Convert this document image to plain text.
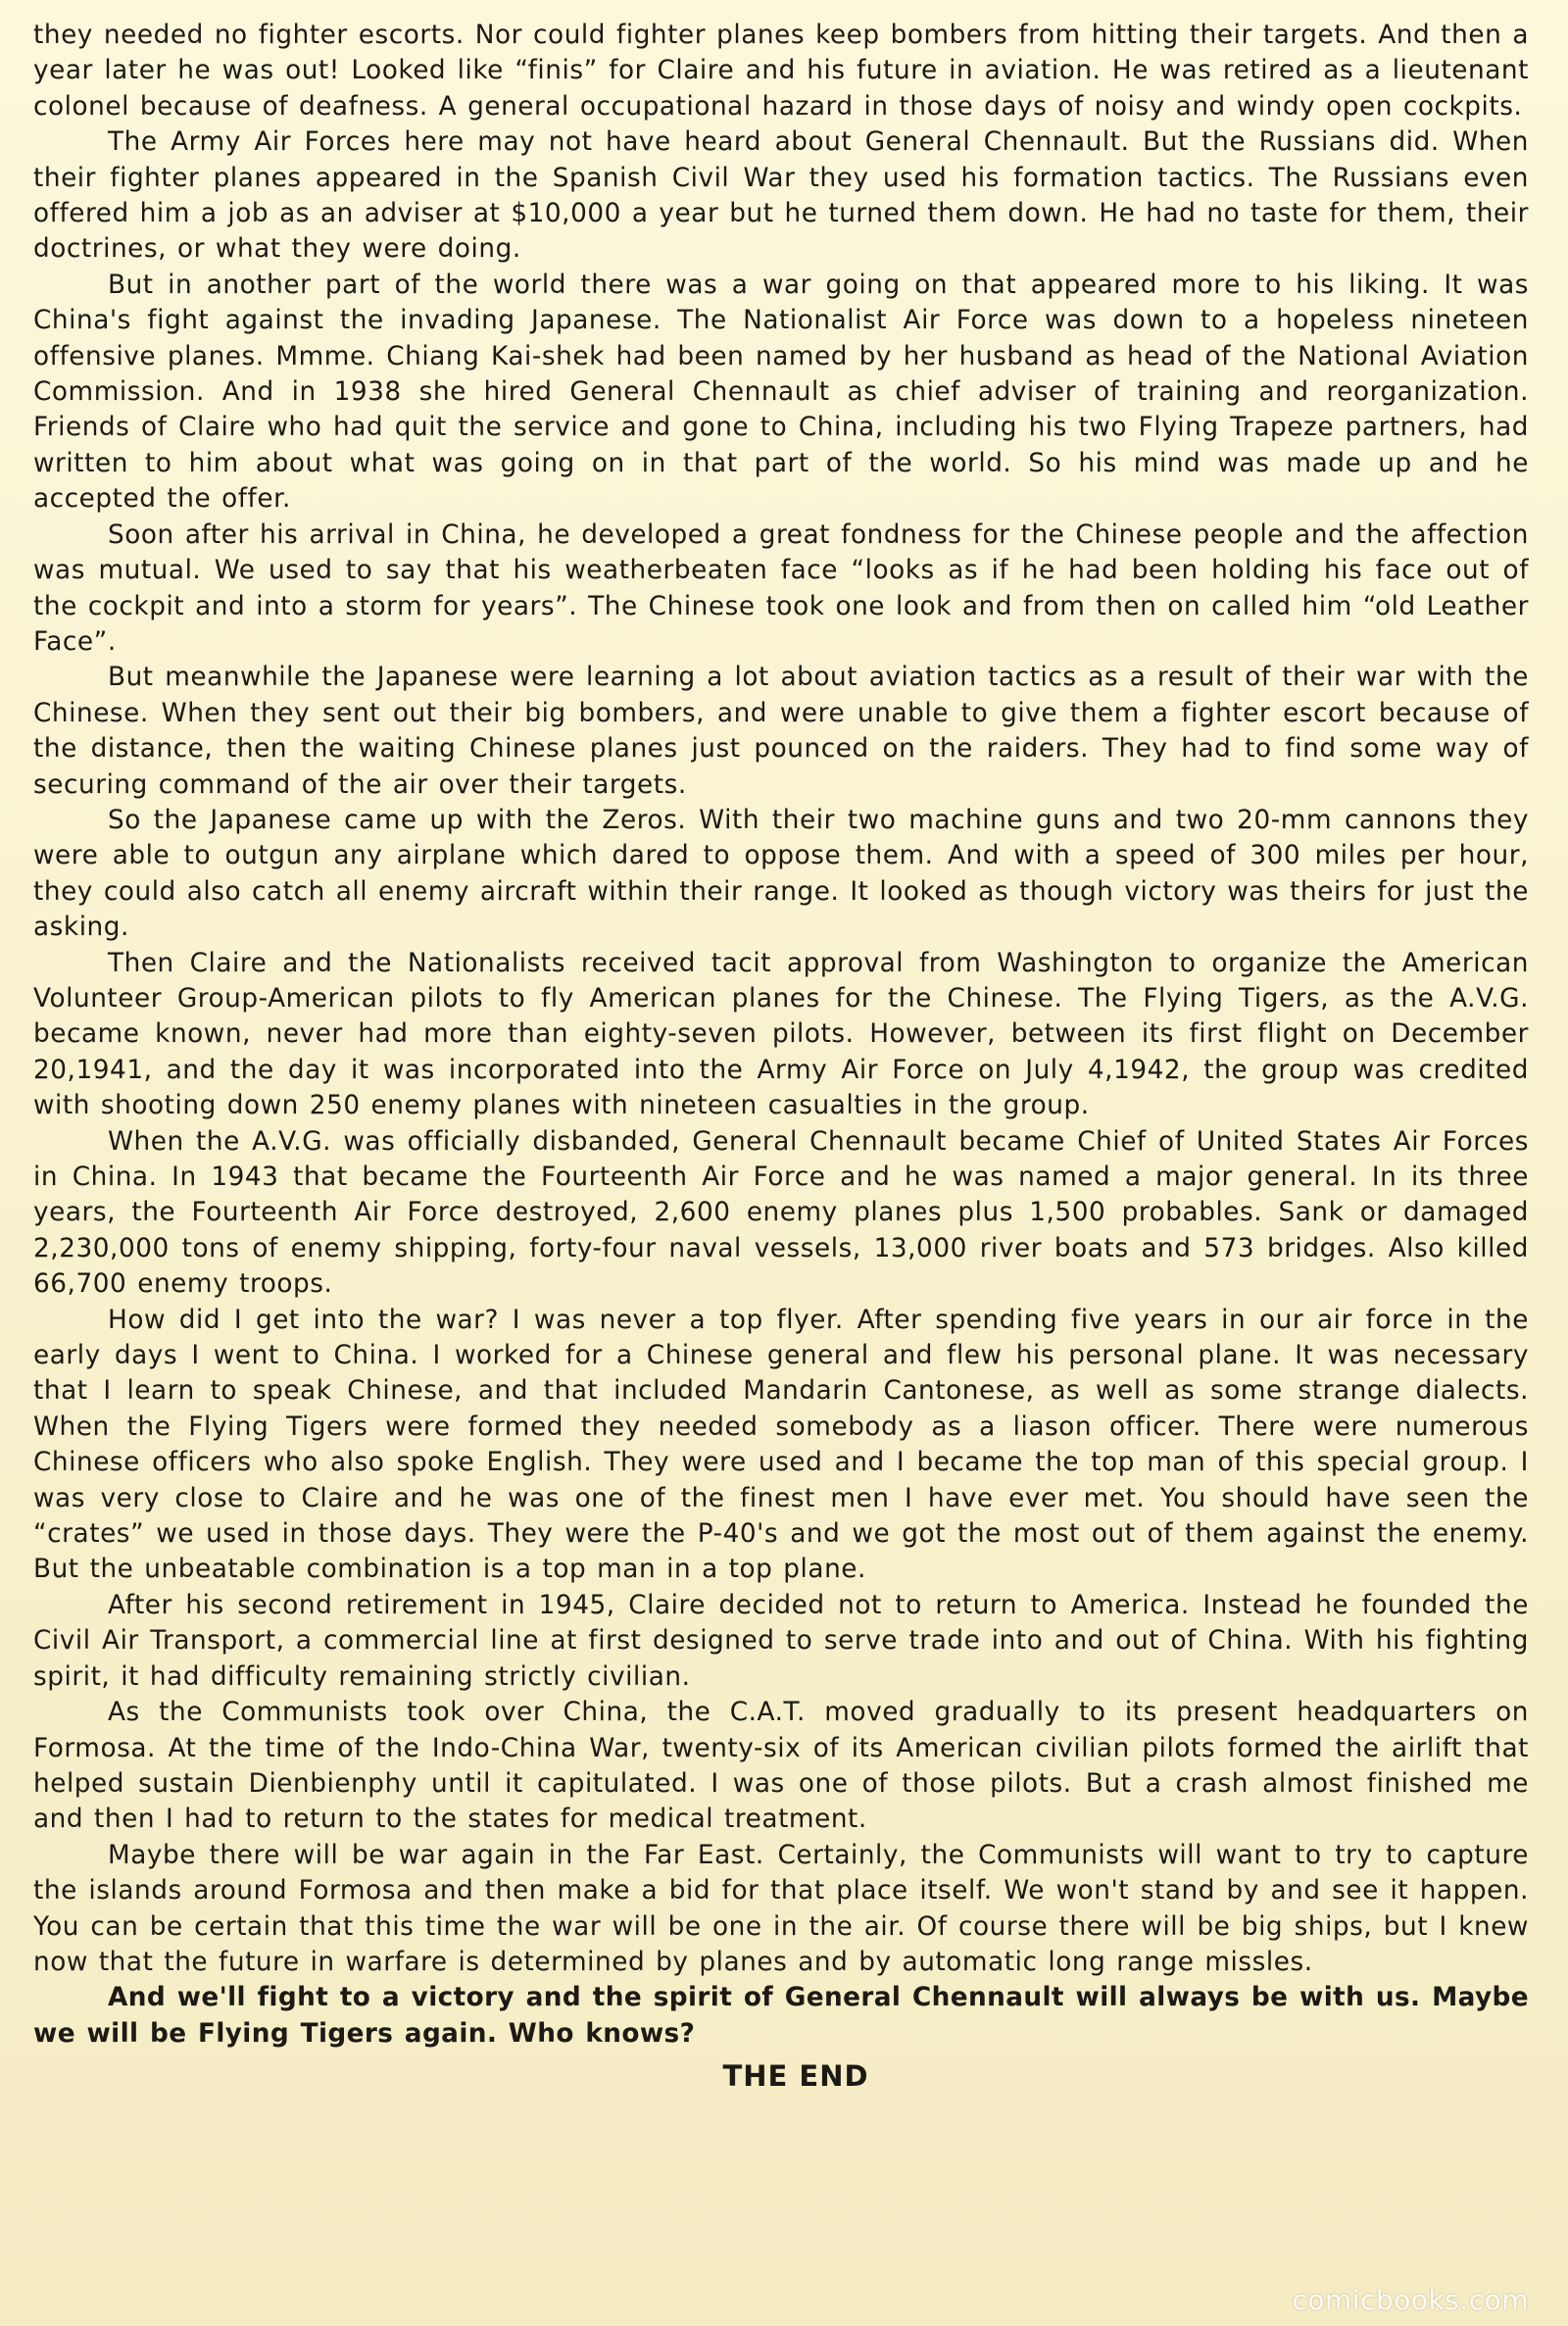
they needed no fighter escorts. Nor could fighter planes keep bombers from hitting their targets. And then a year later he was out! Looked like “finis” for Claire and his future in aviation. He was retired as a lieutenant colonel because of deafness. A general occupational hazard in those days of noisy and windy open cockpits.

The Army Air Forces here may not have heard about General Chennault. But the Russians did. When their fighter planes appeared in the Spanish Civil War they used his formation tactics. The Russians even offered him a job as an adviser at $10,000 a year but he turned them down. He had no taste for them, their doctrines, or what they were doing.

But in another part of the world there was a war going on that appeared more to his liking. It was China's fight against the invading Japanese. The Nationalist Air Force was down to a hopeless nineteen offensive planes. Mmme. Chiang Kai-shek had been named by her husband as head of the National Aviation Commission. And in 1938 she hired General Chennault as chief adviser of training and reorganization. Friends of Claire who had quit the service and gone to China, including his two Flying Trapeze partners, had written to him about what was going on in that part of the world. So his mind was made up and he accepted the offer.

Soon after his arrival in China, he developed a great fondness for the Chinese people and the affection was mutual. We used to say that his weatherbeaten face “looks as if he had been holding his face out of the cockpit and into a storm for years”. The Chinese took one look and from then on called him “old Leather Face”.

But meanwhile the Japanese were learning a lot about aviation tactics as a result of their war with the Chinese. When they sent out their big bombers, and were unable to give them a fighter escort because of the distance, then the waiting Chinese planes just pounced on the raiders. They had to find some way of securing command of the air over their targets.

So the Japanese came up with the Zeros. With their two machine guns and two 20-mm cannons they were able to outgun any airplane which dared to oppose them. And with a speed of 300 miles per hour, they could also catch all enemy aircraft within their range. It looked as though victory was theirs for just the asking.

Then Claire and the Nationalists received tacit approval from Washington to organize the American Volunteer Group-American pilots to fly American planes for the Chinese. The Flying Tigers, as the A.V.G. became known, never had more than eighty-seven pilots. However, between its first flight on December 20,1941, and the day it was incorporated into the Army Air Force on July 4,1942, the group was credited with shooting down 250 enemy planes with nineteen casualties in the group.

When the A.V.G. was officially disbanded, General Chennault became Chief of United States Air Forces in China. In 1943 that became the Fourteenth Air Force and he was named a major general. In its three years, the Fourteenth Air Force destroyed, 2,600 enemy planes plus 1,500 probables. Sank or damaged 2,230,000 tons of enemy shipping, forty-four naval vessels, 13,000 river boats and 573 bridges. Also killed 66,700 enemy troops.

How did I get into the war? I was never a top flyer. After spending five years in our air force in the early days I went to China. I worked for a Chinese general and flew his personal plane. It was necessary that I learn to speak Chinese, and that included Mandarin Cantonese, as well as some strange dialects. When the Flying Tigers were formed they needed somebody as a liason officer. There were numerous Chinese officers who also spoke English. They were used and I became the top man of this special group. I was very close to Claire and he was one of the finest men I have ever met. You should have seen the “crates” we used in those days. They were the P-40's and we got the most out of them against the enemy. But the unbeatable combination is a top man in a top plane.

After his second retirement in 1945, Claire decided not to return to America. Instead he founded the Civil Air Transport, a commercial line at first designed to serve trade into and out of China. With his fighting spirit, it had difficulty remaining strictly civilian.

As the Communists took over China, the C.A.T. moved gradually to its present headquarters on Formosa. At the time of the Indo-China War, twenty-six of its American civilian pilots formed the airlift that helped sustain Dienbienphy until it capitulated. I was one of those pilots. But a crash almost finished me and then I had to return to the states for medical treatment.

Maybe there will be war again in the Far East. Certainly, the Communists will want to try to capture the islands around Formosa and then make a bid for that place itself. We won't stand by and see it happen. You can be certain that this time the war will be one in the air. Of course there will be big ships, but I knew now that the future in warfare is determined by planes and by automatic long range missles.

And we'll fight to a victory and the spirit of General Chennault will always be with us. Maybe we will be Flying Tigers again. Who knows?

THE END

comicbooks.com
